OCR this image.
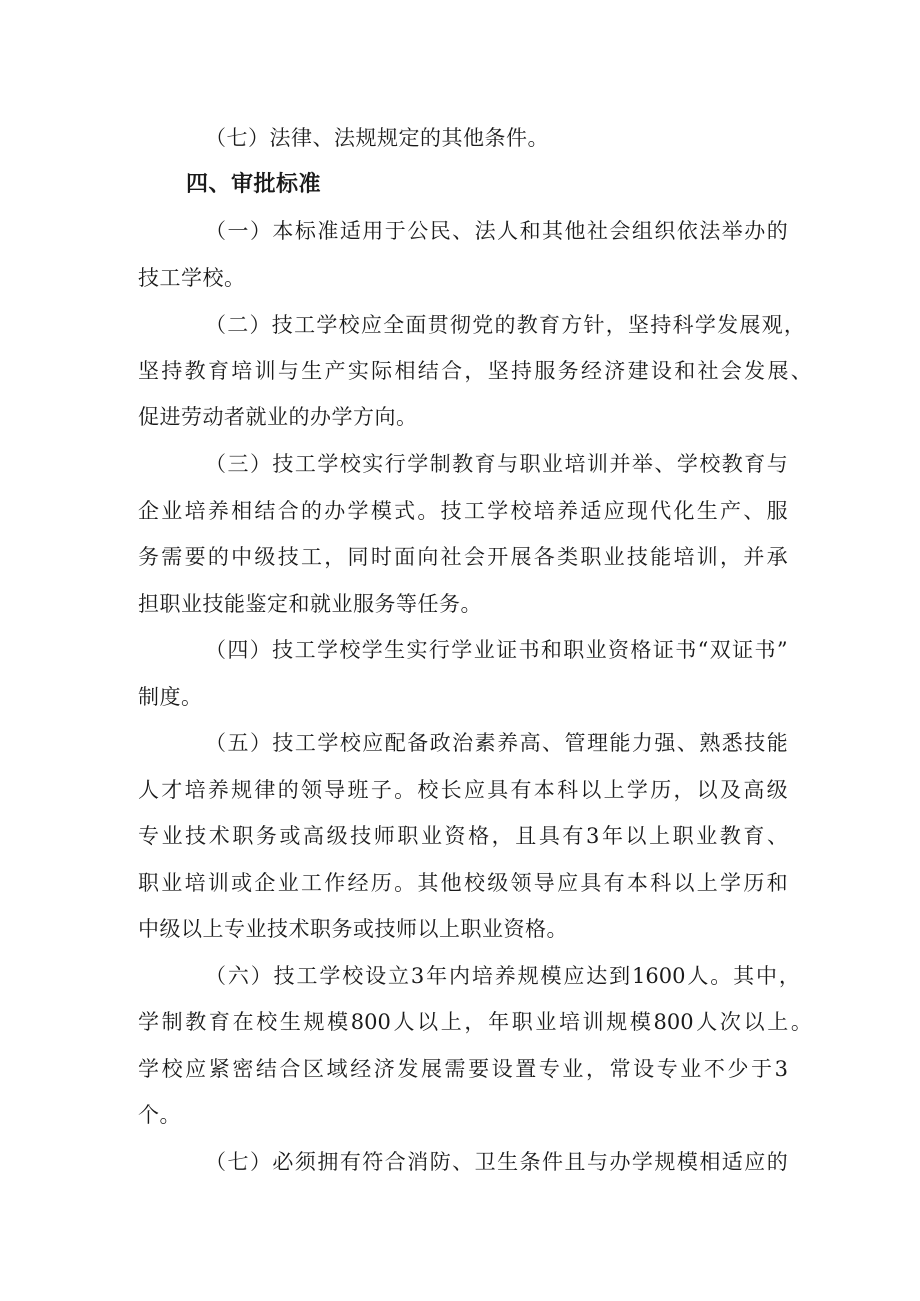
（七）法律、法规规定的其他条件。
四、审批标准
（ 一 ） 本 标 准 适 用 于 公 民 、 法 人 和 其 他 社 会 组 织 依 法 举 办 的
技工学校。
（ 二 ） 技 工 学 校 应 全 面 贯 彻 党 的 教 育 方 针 ， 坚 持 科 学 发 展 观 ，
坚 持 教 育 培 训 与 生 产 实 际 相 结 合 ， 坚 持 服 务 经 济 建 设 和 社 会 发 展 、
促进劳动者就业的办学方向。
（ 三 ） 技 工 学 校 实 行 学 制 教 育 与 职 业 培 训 并 举 、 学 校 教 育 与
企 业 培 养 相 结 合 的 办 学 模 式 。 技 工 学 校 培 养 适 应 现 代 化 生 产 、 服
务 需 要 的 中 级 技 工 ， 同 时 面 向 社 会 开 展 各 类 职 业 技 能 培 训 ， 并 承
担职业技能鉴定和就业服务等任务。
（ 四 ） 技 工 学 校 学 生 实 行 学 业 证 书 和 职 业 资 格 证 书 “ 双 证 书 ”
制度。
（ 五 ） 技 工 学 校 应 配 备 政 治 素 养 高 、 管 理 能 力 强 、 熟 悉 技 能
人 才 培 养 规 律 的 领 导 班 子 。 校 长 应 具 有 本 科 以 上 学 历 ， 以 及 高 级
专 业 技 术 职 务 或 高 级 技 师 职 业 资 格 ， 且 具 有 3 年 以 上 职 业 教 育 、
职 业 培 训 或 企 业 工 作 经 历 。 其 他 校 级 领 导 应 具 有 本 科 以 上 学 历 和
中级以上专业技术职务或技师以上职业资格。
（ 六 ） 技 工 学 校 设 立 3 年 内 培 养 规 模 应 达 到 1600 人 。 其 中 ，
学 制 教 育 在 校 生 规 模 800 人 以 上 ， 年 职 业 培 训 规 模 800 人 次 以 上 。
学 校 应 紧 密 结 合 区 域 经 济 发 展 需 要 设 置 专 业 ， 常 设 专 业 不 少 于 3
个。
（ 七 ） 必 须 拥 有 符 合 消 防 、 卫 生 条 件 且 与 办 学 规 模 相 适 应 的
